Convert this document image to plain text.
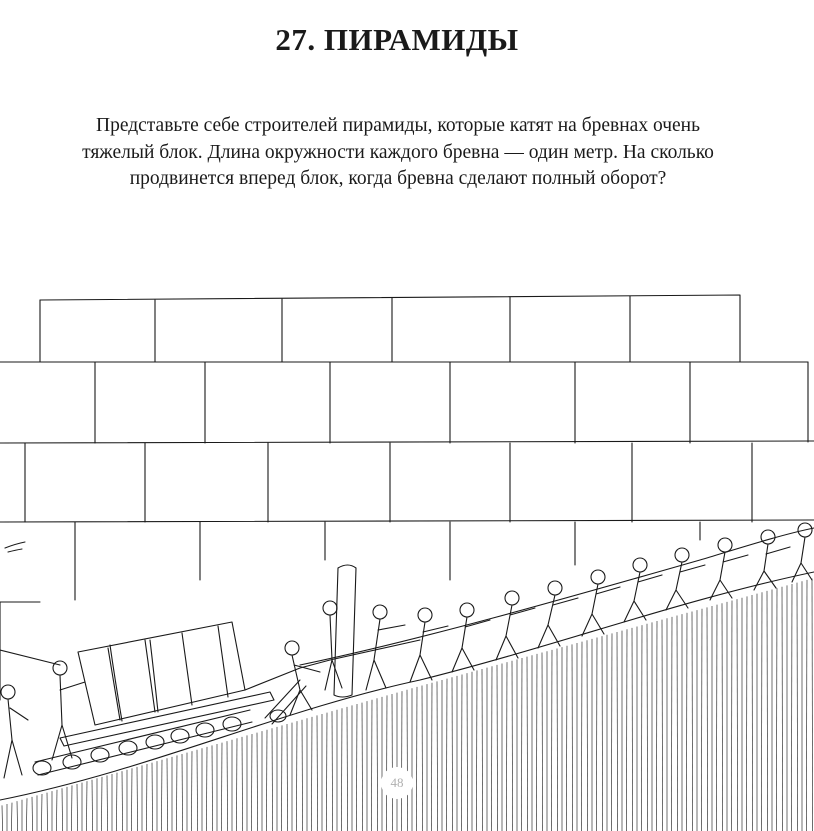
27. ПИРАМИДЫ
Представьте себе строителей пирамиды, которые катят на бревнах очень
тяжелый блок. Длина окружности каждого бревна — один метр. На сколько
продвинется вперед блок, когда бревна сделают полный оборот?
48
